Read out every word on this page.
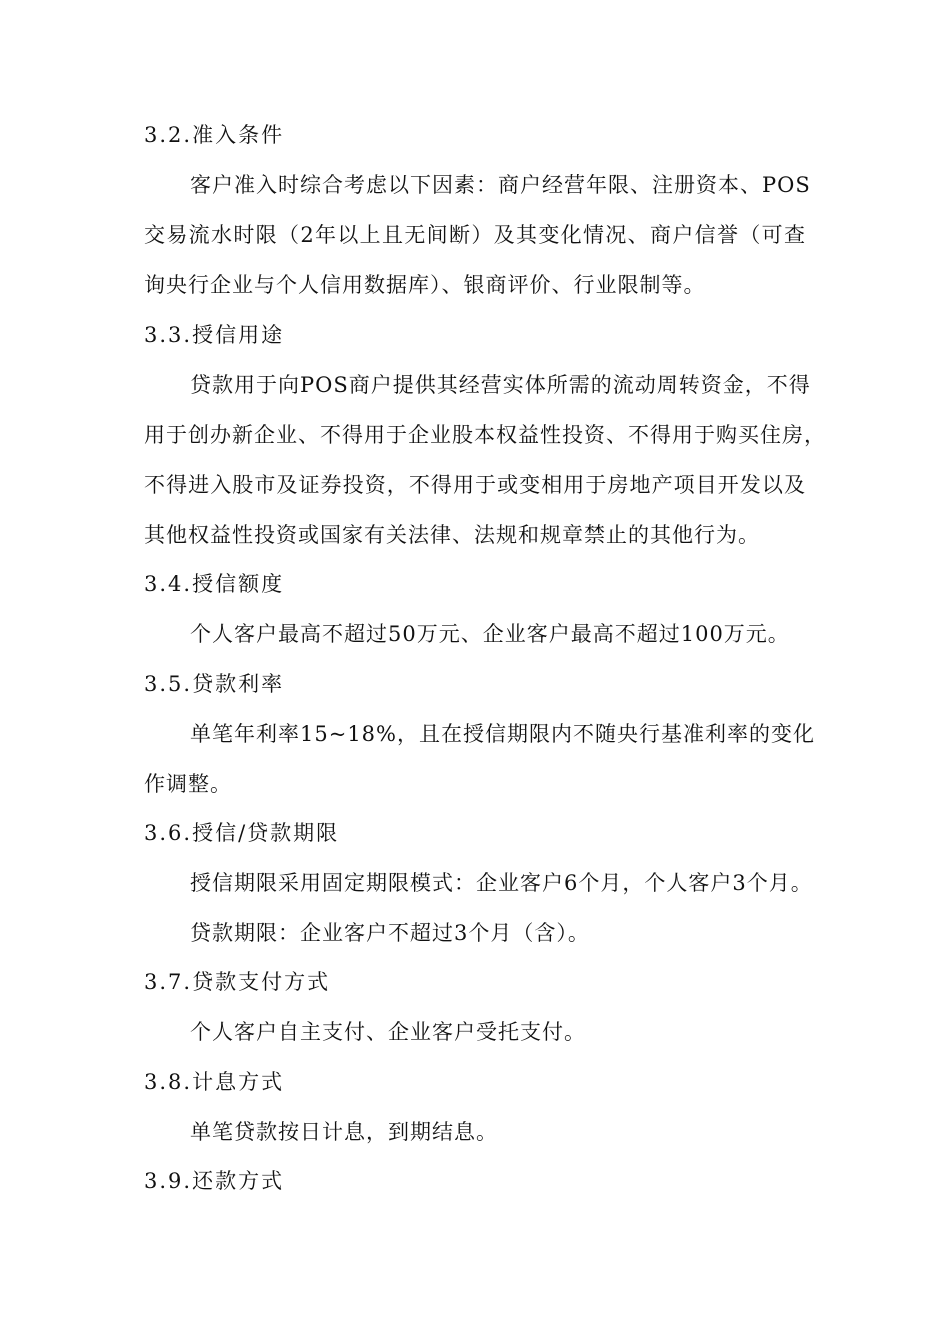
3.2.准入条件
客户准入时综合考虑以下因素：商户经营年限、注册资本、POS
交易流水时限（2年以上且无间断）及其变化情况、商户信誉（可查
询央行企业与个人信用数据库）、银商评价、行业限制等。
3.3.授信用途
贷款用于向POS商户提供其经营实体所需的流动周转资金，不得
用于创办新企业、不得用于企业股本权益性投资、不得用于购买住房，
不得进入股市及证券投资，不得用于或变相用于房地产项目开发以及
其他权益性投资或国家有关法律、法规和规章禁止的其他行为。
3.4.授信额度
个人客户最高不超过50万元、企业客户最高不超过100万元。
3.5.贷款利率
单笔年利率15~18%，且在授信期限内不随央行基准利率的变化
作调整。
3.6.授信/贷款期限
授信期限采用固定期限模式：企业客户6个月，个人客户3个月。
贷款期限：企业客户不超过3个月（含）。
3.7.贷款支付方式
个人客户自主支付、企业客户受托支付。
3.8.计息方式
单笔贷款按日计息，到期结息。
3.9.还款方式
